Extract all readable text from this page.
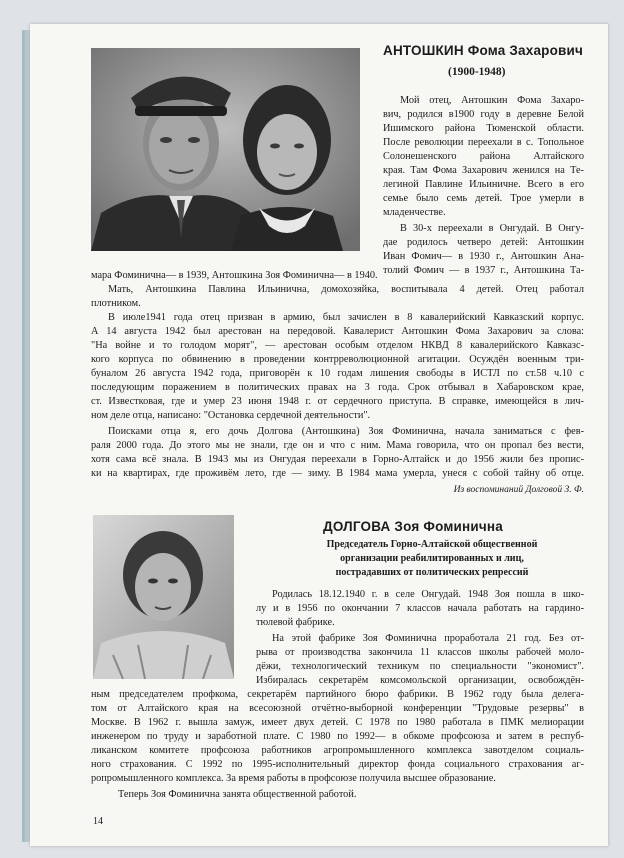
АНТОШКИН Фома Захарович
(1900-1948)
Мой отец, Антошкин Фома Захаро-
вич, родился в1900 году в деревне Белой
Ишимского района Тюменской области.
После революции переехали в с. Топольное
Солонешенского района Алтайского
края. Там Фома Захарович женился на Те-
легиной Павлине Ильиничне. Всего в его
семье было семь детей. Трое умерли в
младенчестве.
В 30-х переехали в Онгудай. В Онгу-
дае родилось четверо детей: Антошкин
Иван Фомич— в 1930 г., Антошкин Ана-
толий Фомич — в 1937 г., Антошкина Та-
мара Фоминична— в 1939, Антошкина Зоя Фоминична— в 1940.
Мать, Антошкина Павлина Ильинична, домохозяйка, воспитывала 4 детей. Отец работал
плотником.
В июле1941 года отец призван в армию, был зачислен в 8 кавалерийский Кавказский корпус.
А 14 августа 1942 был арестован на передовой. Кавалерист Антошкин Фома Захарович за слова:
"На войне и то голодом морят", — арестован особым отделом НКВД 8 кавалерийского Кавказс-
кого корпуса по обвинению в проведении контрреволюционной агитации. Осуждён военным три-
буналом 26 августа 1942 года, приговорён к 10 годам лишения свободы в ИСТЛ по ст.58 ч.10 с
последующим поражением в политических правах на 3 года. Срок отбывал в Хабаровском крае,
ст. Известковая, где и умер 23 июня 1948 г. от сердечного приступа. В справке, имеющейся в лич-
ном деле отца, написано: "Остановка сердечной деятельности".
Поисками отца я, его дочь Долгова (Антошкина) Зоя Фоминична, начала заниматься с фев-
раля 2000 года. До этого мы не знали, где он и что с ним. Мама говорила, что он пропал без вести,
хотя сама всё знала. В 1943 мы из Онгудая переехали в Горно-Алтайск и до 1956 жили без пропис-
ки на квартирах, где проживём лето, где — зиму. В 1984 мама умерла, унеся с собой тайну об отце.
Из воспоминаний Долговой З. Ф.
ДОЛГОВА Зоя Фоминична
Председатель Горно-Алтайской общественной
организации реабилитированных и лиц,
пострадавших от политических репрессий
Родилась 18.12.1940 г. в селе Онгудай. 1948 Зоя пошла в шко-
лу и в 1956 по окончании 7 классов начала работать на гардино-
тюлевой фабрике.
На этой фабрике Зоя Фоминична проработала 21 год. Без от-
рыва от производства закончила 11 классов школы рабочей моло-
дёжи, технологический техникум по специальности "экономист".
Избиралась секретарём комсомольской организации, освобождён-
ным председателем профкома, секретарём партийного бюро фабрики. В 1962 году была делега-
том от Алтайского края на всесоюзной отчётно-выборной конференции "Трудовые резервы" в
Москве. В 1962 г. вышла замуж, имеет двух детей. С 1978 по 1980 работала в ПМК мелиорации
инженером по труду и заработной плате. С 1980 по 1992— в обкоме профсоюза и затем в респуб-
ликанском комитете профсоюза работников агропромышленного комплекса завотделом социаль-
ного страхования. С 1992 по 1995-исполнительный директор фонда социального страхования аг-
ропромышленного комплекса. За время работы в профсоюзе получила высшее образование.
Теперь Зоя Фоминична занята общественной работой.
14
